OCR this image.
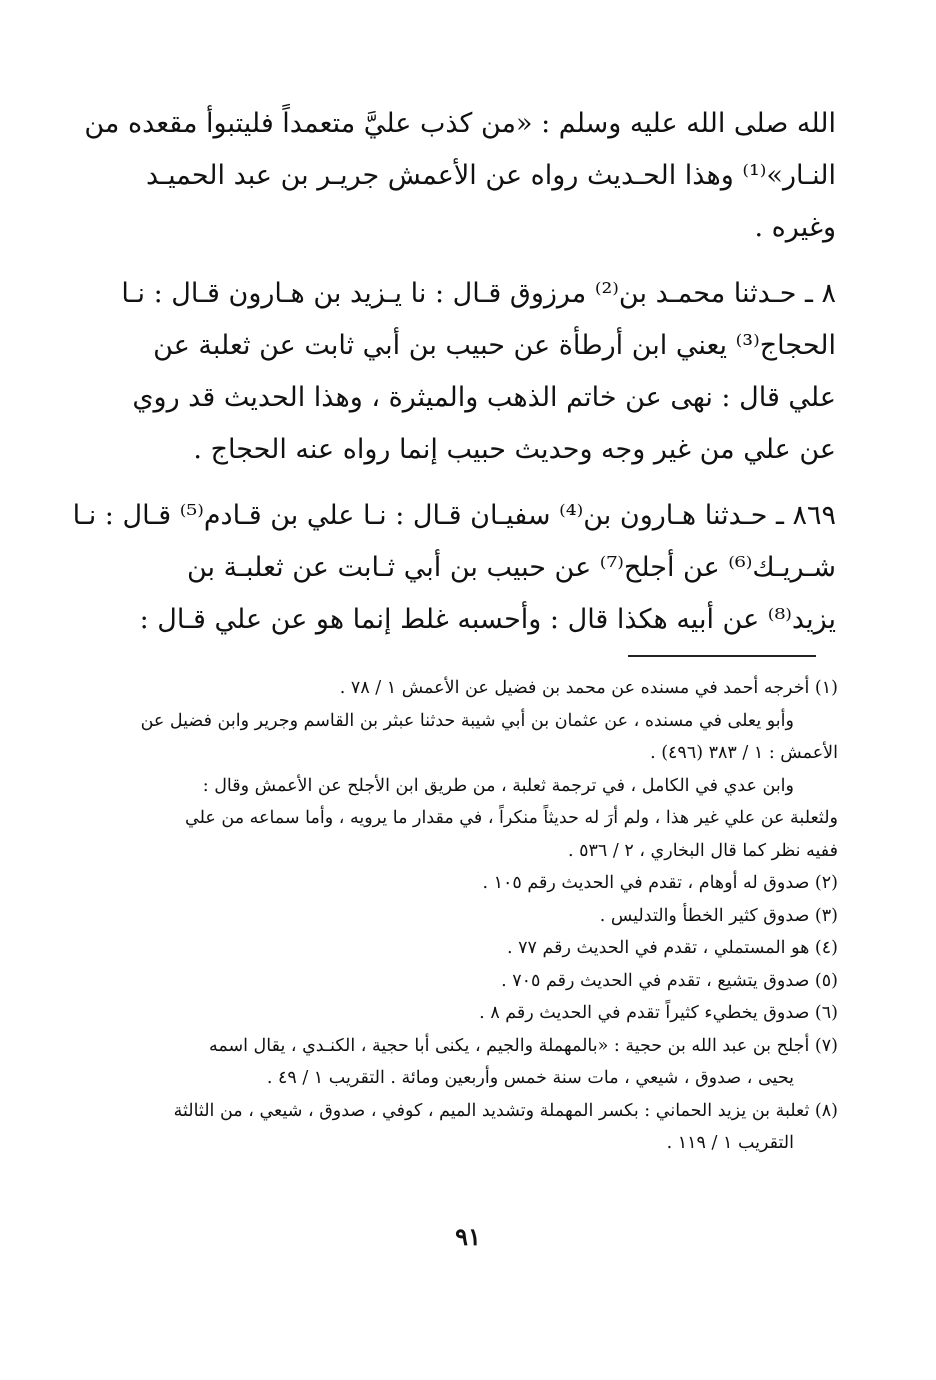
الله صلى الله عليه وسلم : «من كذب عليَّ متعمداً فليتبوأ مقعده من
النـار»⁽¹⁾ وهذا الحـديث رواه عن الأعمش جريـر بن عبد الحميـد
وغيره .
٨ ـ حـدثنا محمـد بن⁽²⁾ مرزوق قـال : نا يـزيد بن هـارون قـال : نـا
الحجاج⁽³⁾ يعني ابن أرطأة عن حبيب بن أبي ثابت عن ثعلبة عن
علي قال : نهى عن خاتم الذهب والميثرة ، وهذا الحديث قد روي
عن علي من غير وجه وحديث حبيب إنما رواه عنه الحجاج .
٨٦٩ ـ حـدثنا هـارون بن⁽⁴⁾ سفيـان قـال : نـا علي بن قـادم⁽⁵⁾ قـال : نـا
شـريـك⁽⁶⁾ عن أجلح⁽⁷⁾ عن حبيب بن أبي ثـابت عن ثعلبـة بن
يزيد⁽⁸⁾ عن أبيه هكذا قال : وأحسبه غلط إنما هو عن علي قـال :
(١) أخرجه أحمد في مسنده عن محمد بن فضيل عن الأعمش ١ / ٧٨ .
وأبو يعلى في مسنده ، عن عثمان بن أبي شيبة حدثنا عبثر بن القاسم وجرير وابن فضيل عن
الأعمش : ١ / ٣٨٣ (٤٩٦) .
وابن عدي في الكامل ، في ترجمة ثعلبة ، من طريق ابن الأجلح عن الأعمش وقال :
ولثعلبة عن علي غير هذا ، ولم أرَ له حديثاً منكراً ، في مقدار ما يرويه ، وأما سماعه من علي
ففيه نظر كما قال البخاري ، ٢ / ٥٣٦ .
(٢) صدوق له أوهام ، تقدم في الحديث رقم ١٠٥ .
(٣) صدوق كثير الخطأ والتدليس .
(٤) هو المستملي ، تقدم في الحديث رقم ٧٧ .
(٥) صدوق يتشيع ، تقدم في الحديث رقم ٧٠٥ .
(٦) صدوق يخطيء كثيراً تقدم في الحديث رقم ٨ .
(٧) أجلح بن عبد الله بن حجية : «بالمهملة والجيم ، يكنى أبا حجية ، الكنـدي ، يقال اسمه
يحيى ، صدوق ، شيعي ، مات سنة خمس وأربعين ومائة . التقريب ١ / ٤٩ .
(٨) ثعلبة بن يزيد الحماني : بكسر المهملة وتشديد الميم ، كوفي ، صدوق ، شيعي ، من الثالثة
التقريب ١ / ١١٩ .
٩١
